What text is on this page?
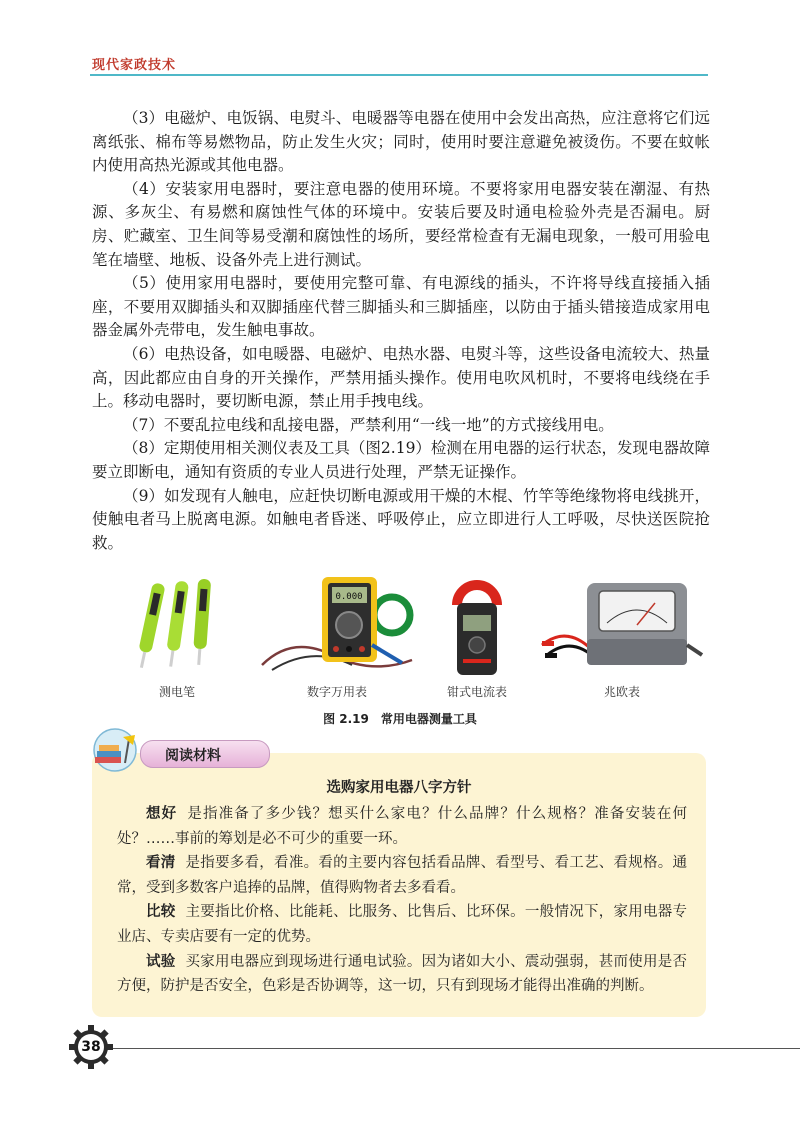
现代家政技术

（3）电磁炉、电饭锅、电熨斗、电暖器等电器在使用中会发出高热，应注意将它们远离纸张、棉布等易燃物品，防止发生火灾；同时，使用时要注意避免被烫伤。不要在蚊帐内使用高热光源或其他电器。

（4）安装家用电器时，要注意电器的使用环境。不要将家用电器安装在潮湿、有热源、多灰尘、有易燃和腐蚀性气体的环境中。安装后要及时通电检验外壳是否漏电。厨房、贮藏室、卫生间等易受潮和腐蚀性的场所，要经常检查有无漏电现象，一般可用验电笔在墙壁、地板、设备外壳上进行测试。

（5）使用家用电器时，要使用完整可靠、有电源线的插头，不许将导线直接插入插座，不要用双脚插头和双脚插座代替三脚插头和三脚插座，以防由于插头错接造成家用电器金属外壳带电，发生触电事故。

（6）电热设备，如电暖器、电磁炉、电热水器、电熨斗等，这些设备电流较大、热量高，因此都应由自身的开关操作，严禁用插头操作。使用电吹风机时，不要将电线绕在手上。移动电器时，要切断电源，禁止用手拽电线。

（7）不要乱拉电线和乱接电器，严禁利用“一线一地”的方式接线用电。

（8）定期使用相关测仪表及工具（图2.19）检测在用电器的运行状态，发现电器故障要立即断电，通知有资质的专业人员进行处理，严禁无证操作。

（9）如发现有人触电，应赶快切断电源或用干燥的木棍、竹竿等绝缘物将电线挑开，使触电者马上脱离电源。如触电者昏迷、呼吸停止，应立即进行人工呼吸，尽快送医院抢救。

测电笔
0.000
数字万用表	钳式电流表	兆欧表
图 2.19　常用电器测量工具
阅读材料
选购家用电器八字方针

想好 是指准备了多少钱？想买什么家电？什么品牌？什么规格？准备安装在何处？……事前的筹划是必不可少的重要一环。

看清 是指要多看，看准。看的主要内容包括看品牌、看型号、看工艺、看规格。通常，受到多数客户追捧的品牌，值得购物者去多看看。

比较 主要指比价格、比能耗、比服务、比售后、比环保。一般情况下，家用电器专业店、专卖店要有一定的优势。

试验 买家用电器应到现场进行通电试验。因为诸如大小、震动强弱，甚而使用是否方便，防护是否安全，色彩是否协调等，这一切，只有到现场才能得出准确的判断。

38
